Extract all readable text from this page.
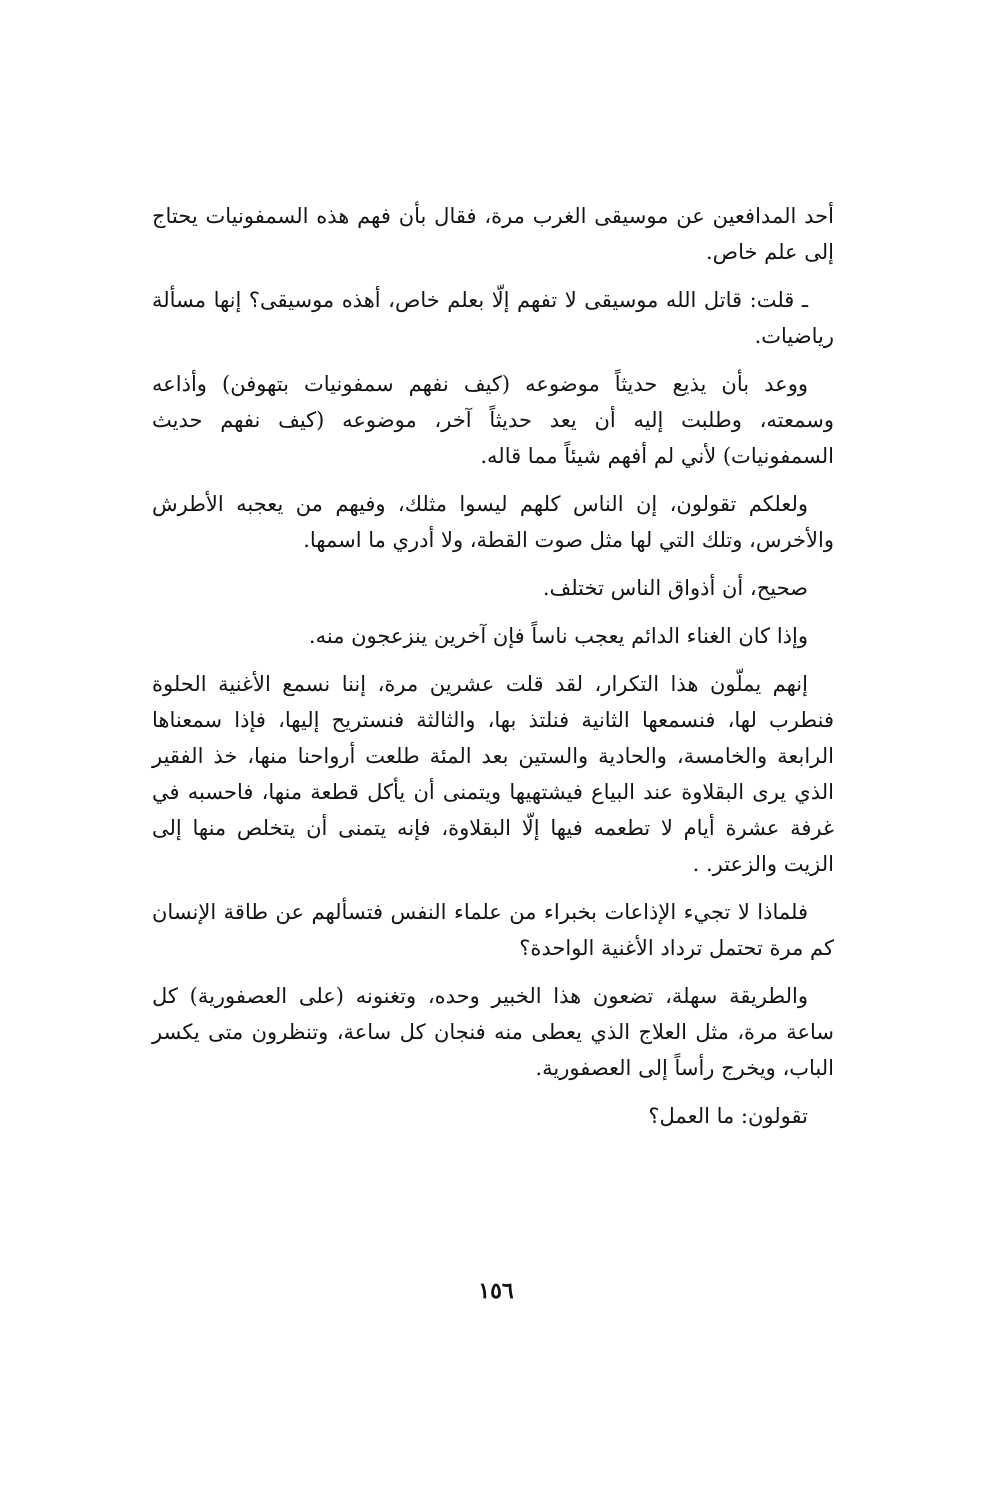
أحد المدافعين عن موسيقى الغرب مرة، فقال بأن فهم هذه السمفونيات يحتاج إلى علم خاص.

ـ قلت: قاتل الله موسيقى لا تفهم إلّا بعلم خاص، أهذه موسيقى؟ إنها مسألة رياضيات.

ووعد بأن يذيع حديثاً موضوعه (كيف نفهم سمفونيات بتهوفن) وأذاعه وسمعته، وطلبت إليه أن يعد حديثاً آخر، موضوعه (كيف نفهم حديث السمفونيات) لأني لم أفهم شيئاً مما قاله.

ولعلكم تقولون، إن الناس كلهم ليسوا مثلك، وفيهم من يعجبه الأطرش والأخرس، وتلك التي لها مثل صوت القطة، ولا أدري ما اسمها.

صحيح، أن أذواق الناس تختلف.

وإذا كان الغناء الدائم يعجب ناساً فإن آخرين ينزعجون منه.

إنهم يملّون هذا التكرار، لقد قلت عشرين مرة، إننا نسمع الأغنية الحلوة فنطرب لها، فنسمعها الثانية فنلتذ بها، والثالثة فنستريح إليها، فإذا سمعناها الرابعة والخامسة، والحادية والستين بعد المئة طلعت أرواحنا منها، خذ الفقير الذي يرى البقلاوة عند البياع فيشتهيها ويتمنى أن يأكل قطعة منها، فاحسبه في غرفة عشرة أيام لا تطعمه فيها إلّا البقلاوة، فإنه يتمنى أن يتخلص منها إلى الزيت والزعتر. .

فلماذا لا تجيء الإذاعات بخبراء من علماء النفس فتسألهم عن طاقة الإنسان كم مرة تحتمل ترداد الأغنية الواحدة؟

والطريقة سهلة، تضعون هذا الخبير وحده، وتغنونه (على العصفورية) كل ساعة مرة، مثل العلاج الذي يعطى منه فنجان كل ساعة، وتنظرون متى يكسر الباب، ويخرج رأساً إلى العصفورية.

تقولون: ما العمل؟

١٥٦
